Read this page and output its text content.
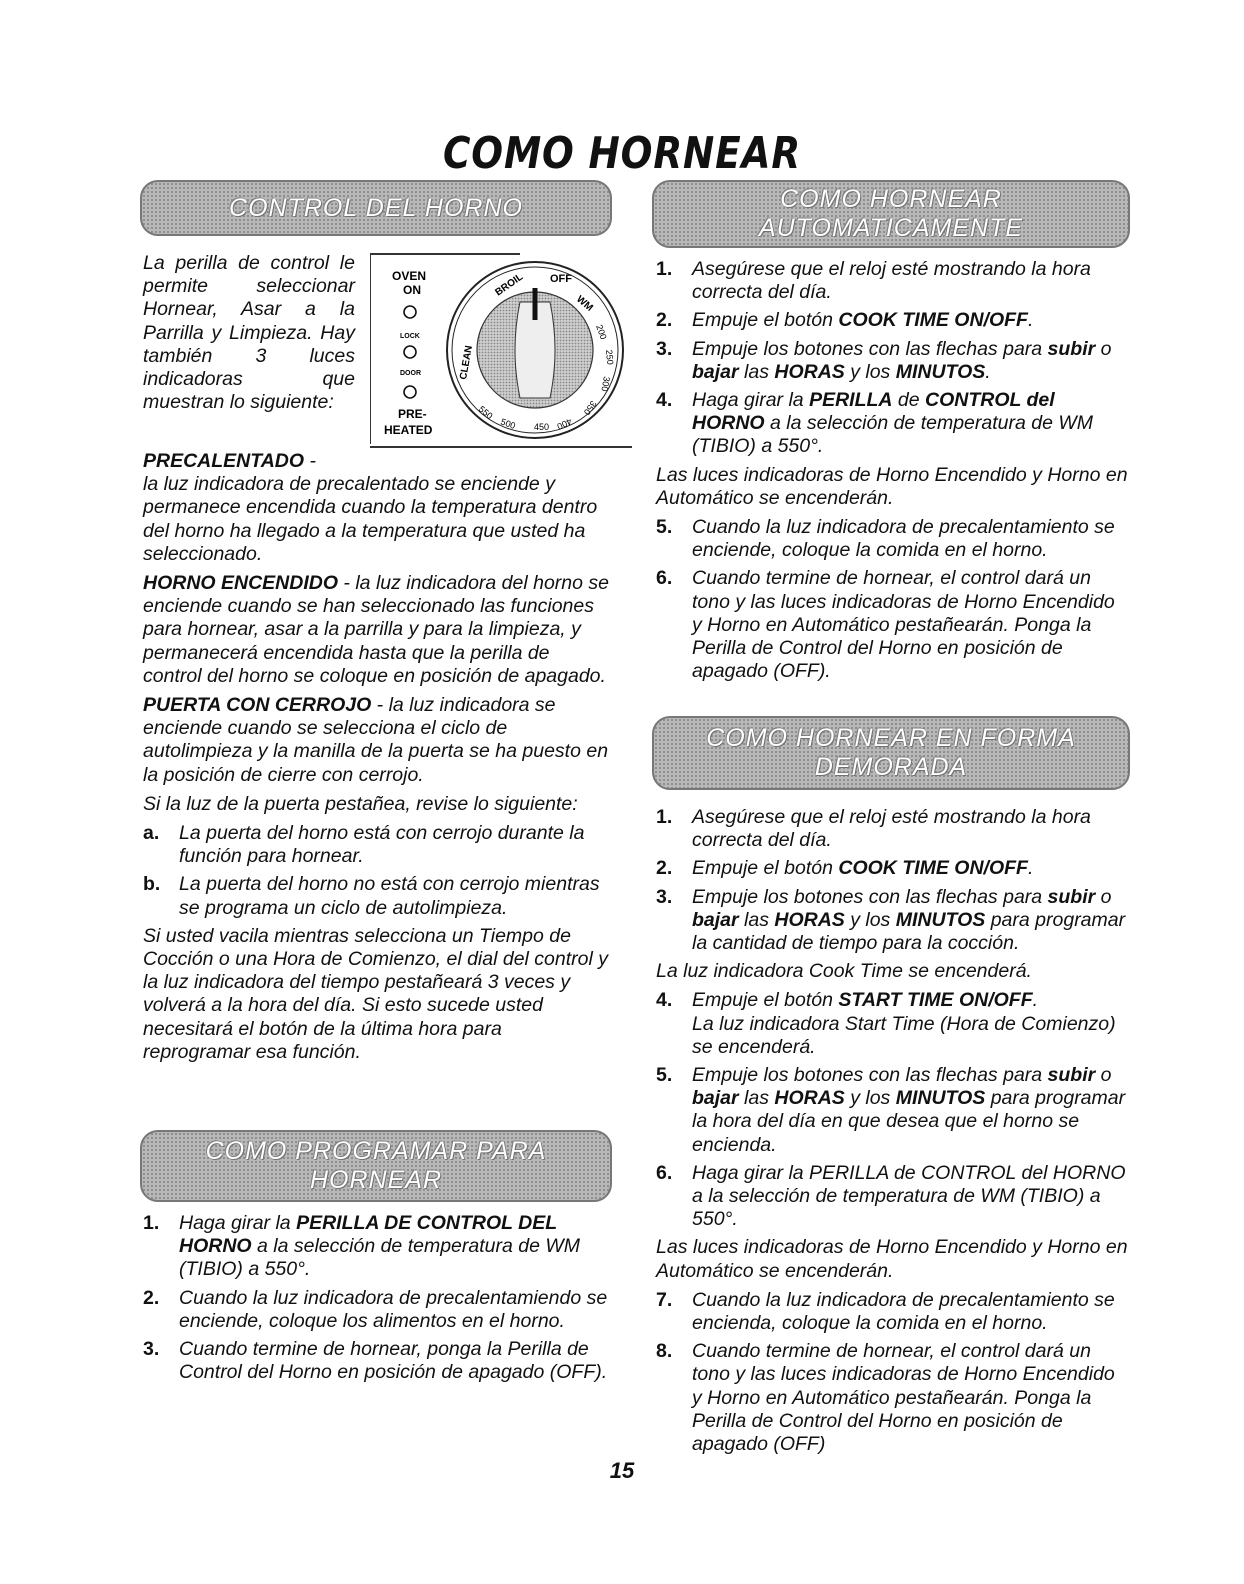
COMO HORNEAR
CONTROL DEL HORNO	COMO HORNEAR
AUTOMATICAMENTE
OVEN
ON
LOCK
DOOR
PRE-
HEATED
OFF
BROIL
CLEAN
WM
200
250
300
350
400
450
500
550
La perilla de control le permite seleccionar Hornear, Asar a la Parrilla y Limpieza. Hay también 3 luces indicadoras que muestran lo siguiente:

PRECALENTADO -
la luz indicadora de precalentado se enciende y permanece encendida cuando la temperatura dentro del horno ha llegado a la temperatura que usted ha seleccionado.

HORNO ENCENDIDO - la luz indicadora del horno se enciende cuando se han seleccionado las funciones para hornear, asar a la parrilla y para la limpieza, y permanecerá encendida hasta que la perilla de control del horno se coloque en posición de apagado.

PUERTA CON CERROJO - la luz indicadora se enciende cuando se selecciona el ciclo de autolimpieza y la manilla de la puerta se ha puesto en la posición de cierre con cerrojo.

Si la luz de la puerta pestañea, revise lo siguiente:

a.	La puerta del horno está con cerrojo durante la función para hornear.
b. La puerta del horno no está con cerrojo mientras se programa un ciclo de autolimpieza.

Si usted vacila mientras selecciona un Tiempo de Cocción o una Hora de Comienzo, el dial del control y la luz indicadora del tiempo pestañeará 3 veces y volverá a la hora del día. Si esto sucede usted necesitará el botón de la última hora para reprogramar esa función.

COMO PROGRAMAR PARA
HORNEAR
1.	Haga girar la PERILLA DE CONTROL DEL HORNO a la selección de temperatura de WM (TIBIO) a 550°.
2.	Cuando la luz indicadora de precalentamiendo se enciende, coloque los alimentos en el horno.
3.	Cuando termine de hornear, ponga la Perilla de Control del Horno en posición de apagado (OFF).
1.	Asegúrese que el reloj esté mostrando la hora correcta del día.
2.	Empuje el botón COOK TIME ON/OFF.
3.	Empuje los botones con las flechas para subir o bajar las HORAS y los MINUTOS.
4.	Haga girar la PERILLA de CONTROL del HORNO a la selección de temperatura de WM (TIBIO) a 550°.

Las luces indicadoras de Horno Encendido y Horno en Automático se encenderán.

5.	Cuando la luz indicadora de precalentamiento se enciende, coloque la comida en el horno.
6.	Cuando termine de hornear, el control dará un tono y las luces indicadoras de Horno Encendido y Horno en Automático pestañearán. Ponga la Perilla de Control del Horno en posición de apagado (OFF).
COMO HORNEAR EN FORMA
DEMORADA
1.	Asegúrese que el reloj esté mostrando la hora correcta del día.
2.	Empuje el botón COOK TIME ON/OFF.
3.	Empuje los botones con las flechas para subir o bajar las HORAS y los MINUTOS para programar la cantidad de tiempo para la cocción.

La luz indicadora Cook Time se encenderá.

4.	Empuje el botón START TIME ON/OFF.
La luz indicadora Start Time (Hora de Comienzo) se encenderá.
5.	Empuje los botones con las flechas para subir o bajar las HORAS y los MINUTOS para programar la hora del día en que desea que el horno se encienda.
6.	Haga girar la PERILLA de CONTROL del HORNO a la selección de temperatura de WM (TIBIO) a 550°.

Las luces indicadoras de Horno Encendido y Horno en Automático se encenderán.

7.	Cuando la luz indicadora de precalentamiento se encienda, coloque la comida en el horno.
8.	Cuando termine de hornear, el control dará un tono y las luces indicadoras de Horno Encendido y Horno en Automático pestañearán. Ponga la Perilla de Control del Horno en posición de apagado (OFF)
15
